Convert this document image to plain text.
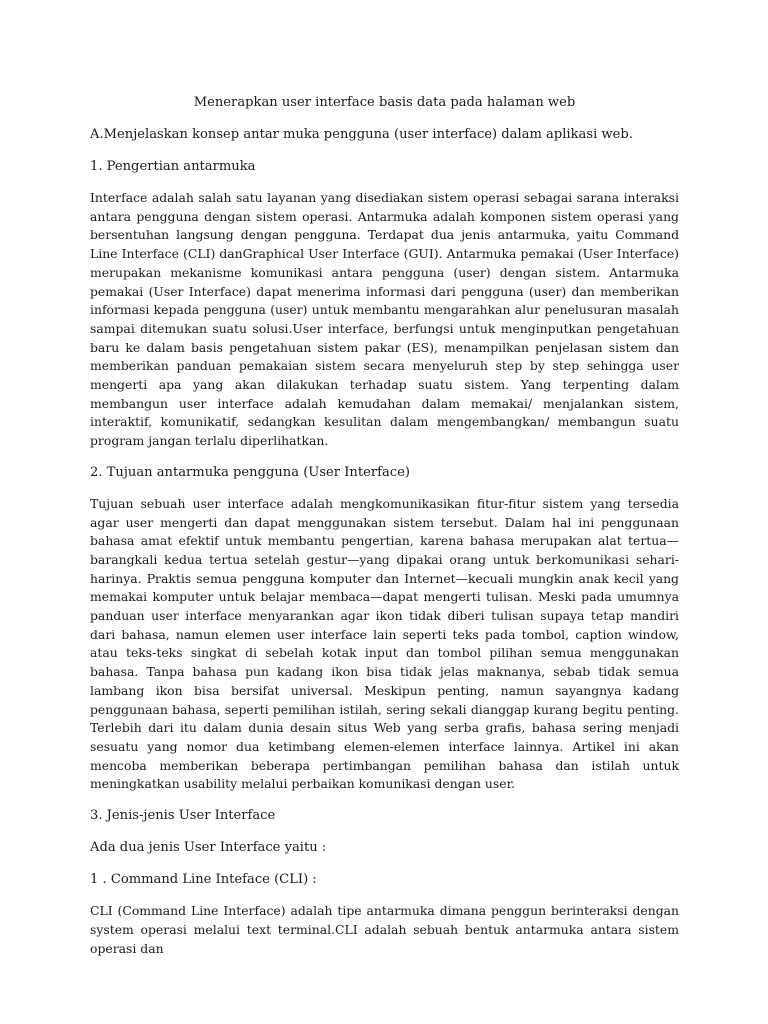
Menerapkan user interface basis data pada halaman web
A.Menjelaskan konsep antar muka pengguna (user interface) dalam aplikasi web.
1. Pengertian antarmuka

Interface adalah salah satu layanan yang disediakan sistem operasi sebagai sarana interaksi antara pengguna dengan sistem operasi. Antarmuka adalah komponen sistem operasi yang bersentuhan langsung dengan pengguna. Terdapat dua jenis antarmuka, yaitu Command Line Interface (CLI) danGraphical User Interface (GUI). Antarmuka pemakai (User Interface) merupakan mekanisme komunikasi antara pengguna (user) dengan sistem. Antarmuka pemakai (User Interface) dapat menerima informasi dari pengguna (user) dan memberikan informasi kepada pengguna (user) untuk membantu mengarahkan alur penelusuran masalah sampai ditemukan suatu solusi.User interface, berfungsi untuk menginputkan pengetahuan baru ke dalam basis pengetahuan sistem pakar (ES), menampilkan penjelasan sistem dan memberikan panduan pemakaian sistem secara menyeluruh step by step sehingga user mengerti apa yang akan dilakukan terhadap suatu sistem. Yang terpenting dalam membangun user interface adalah kemudahan dalam memakai/ menjalankan sistem, interaktif, komunikatif, sedangkan kesulitan dalam mengembangkan/ membangun suatu program jangan terlalu diperlihatkan.

2. Tujuan antarmuka pengguna (User Interface)

Tujuan sebuah user interface adalah mengkomunikasikan fitur-fitur sistem yang tersedia agar user mengerti dan dapat menggunakan sistem tersebut. Dalam hal ini penggunaan bahasa amat efektif untuk membantu pengertian, karena bahasa merupakan alat tertua—barangkali kedua tertua setelah gestur—yang dipakai orang untuk berkomunikasi sehari-harinya. Praktis semua pengguna komputer dan Internet—kecuali mungkin anak kecil yang memakai komputer untuk belajar membaca—dapat mengerti tulisan. Meski pada umumnya panduan user interface menyarankan agar ikon tidak diberi tulisan supaya tetap mandiri dari bahasa, namun elemen user interface lain seperti teks pada tombol, caption window, atau teks-teks singkat di sebelah kotak input dan tombol pilihan semua menggunakan bahasa. Tanpa bahasa pun kadang ikon bisa tidak jelas maknanya, sebab tidak semua lambang ikon bisa bersifat universal. Meskipun penting, namun sayangnya kadang penggunaan bahasa, seperti pemilihan istilah, sering sekali dianggap kurang begitu penting. Terlebih dari itu dalam dunia desain situs Web yang serba grafis, bahasa sering menjadi sesuatu yang nomor dua ketimbang elemen-elemen interface lainnya. Artikel ini akan mencoba memberikan beberapa pertimbangan pemilihan bahasa dan istilah untuk meningkatkan usability melalui perbaikan komunikasi dengan user.

3. Jenis-jenis User Interface
Ada dua jenis User Interface yaitu :
1 . Command Line Inteface (CLI) :

CLI (Command Line Interface) adalah tipe antarmuka dimana penggun berinteraksi dengan system operasi melalui text terminal.CLI adalah sebuah bentuk antarmuka antara sistem operasi dan
